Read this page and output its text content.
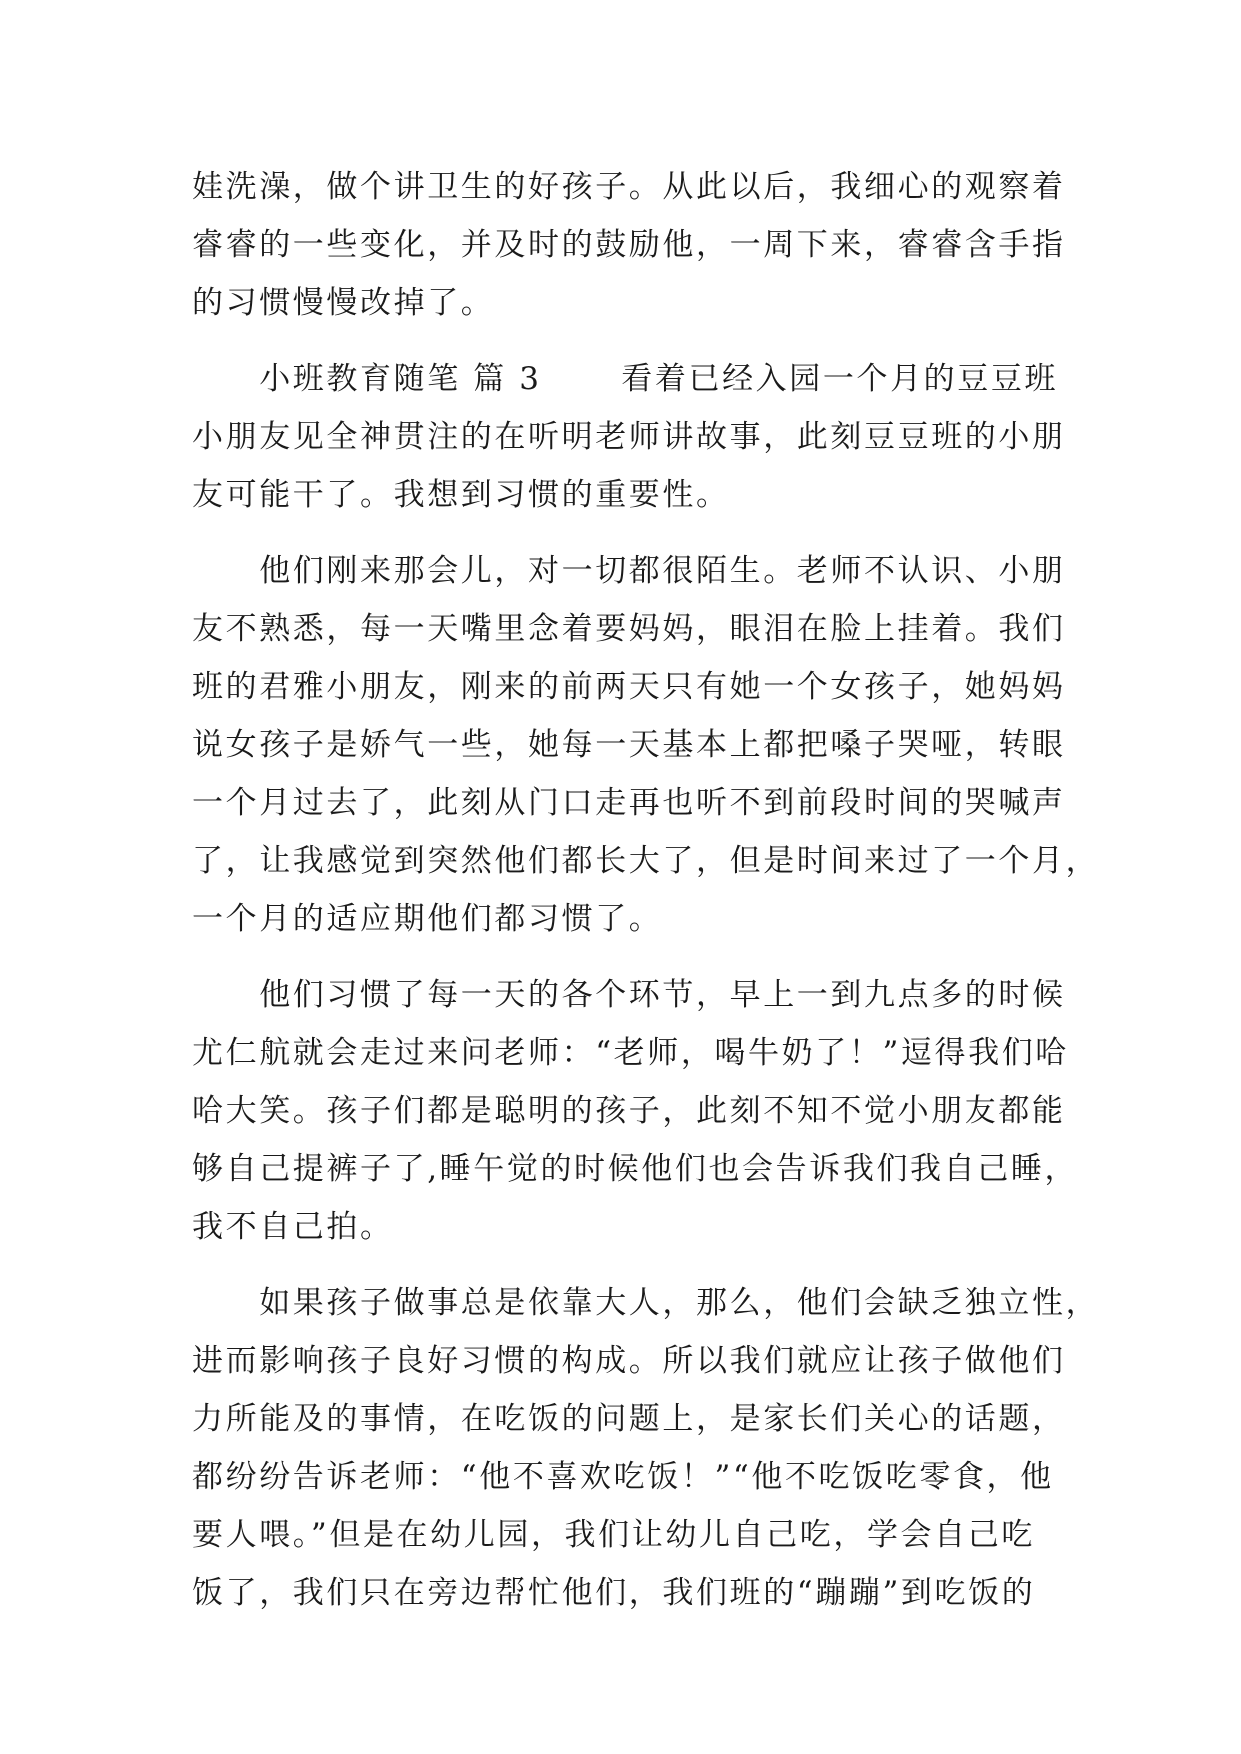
娃洗澡，做个讲卫生的好孩子。从此以后，我细心的观察着
睿睿的一些变化，并及时的鼓励他，一周下来，睿睿含手指
的习惯慢慢改掉了。
　　小班教育随笔 篇 3　　 看着已经入园一个月的豆豆班
小朋友见全神贯注的在听明老师讲故事，此刻豆豆班的小朋
友可能干了。我想到习惯的重要性。
　　他们刚来那会儿，对一切都很陌生。老师不认识、小朋
友不熟悉，每一天嘴里念着要妈妈，眼泪在脸上挂着。我们
班的君雅小朋友，刚来的前两天只有她一个女孩子，她妈妈
说女孩子是娇气一些，她每一天基本上都把嗓子哭哑，转眼
一个月过去了，此刻从门口走再也听不到前段时间的哭喊声
了，让我感觉到突然他们都长大了，但是时间来过了一个月，
一个月的适应期他们都习惯了。
　　他们习惯了每一天的各个环节，早上一到九点多的时候
尤仁航就会走过来问老师：“老师，喝牛奶了！”逗得我们哈
哈大笑。孩子们都是聪明的孩子，此刻不知不觉小朋友都能
够自己提裤子了,睡午觉的时候他们也会告诉我们我自己睡，
我不自己拍。
　　如果孩子做事总是依靠大人，那么，他们会缺乏独立性，
进而影响孩子良好习惯的构成。所以我们就应让孩子做他们
力所能及的事情，在吃饭的问题上，是家长们关心的话题，
都纷纷告诉老师：“他不喜欢吃饭！”“他不吃饭吃零食，他
要人喂。”但是在幼儿园，我们让幼儿自己吃，学会自己吃
饭了，我们只在旁边帮忙他们，我们班的“蹦蹦”到吃饭的
